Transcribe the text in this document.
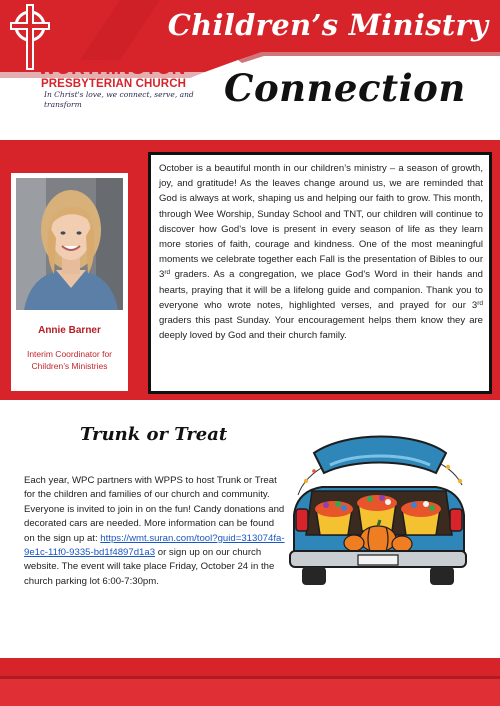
WORTHINGTON
PRESBYTERIAN CHURCH
In Christ's love, we connect, serve, and transform
Children’s Ministry
Connection
Annie Barner
Interim Coordinator for Children’s Ministries

October is a beautiful month in our children’s ministry – a season of growth, joy, and gratitude! As the leaves change around us, we are reminded that God is always at work, shaping us and helping our faith to grow. This month, through Wee Worship, Sunday School and TNT, our children will continue to discover how God’s love is present in every season of life as they learn more stories of faith, courage and kindness. One of the most meaningful moments we celebrate together each Fall is the presentation of Bibles to our 3rd graders. As a congregation, we place God’s Word in their hands and hearts, praying that it will be a lifelong guide and companion. Thank you to everyone who wrote notes, highlighted verses, and prayed for our 3rd graders this past Sunday. Your encouragement helps them know they are deeply loved by God and their church family.

Trunk or Treat

Each year, WPC partners with WPPS to host Trunk or Treat for the children and families of our church and community. Everyone is invited to join in on the fun! Candy donations and decorated cars are needed. More information can be found on the sign up at: https://wmt.suran.com/tool?guid=313074fa-9e1c-11f0-9335-bd1f4897d1a3 or sign up on our church website. The event will take place Friday, October 24 in the church parking lot 6:00-7:30pm.
